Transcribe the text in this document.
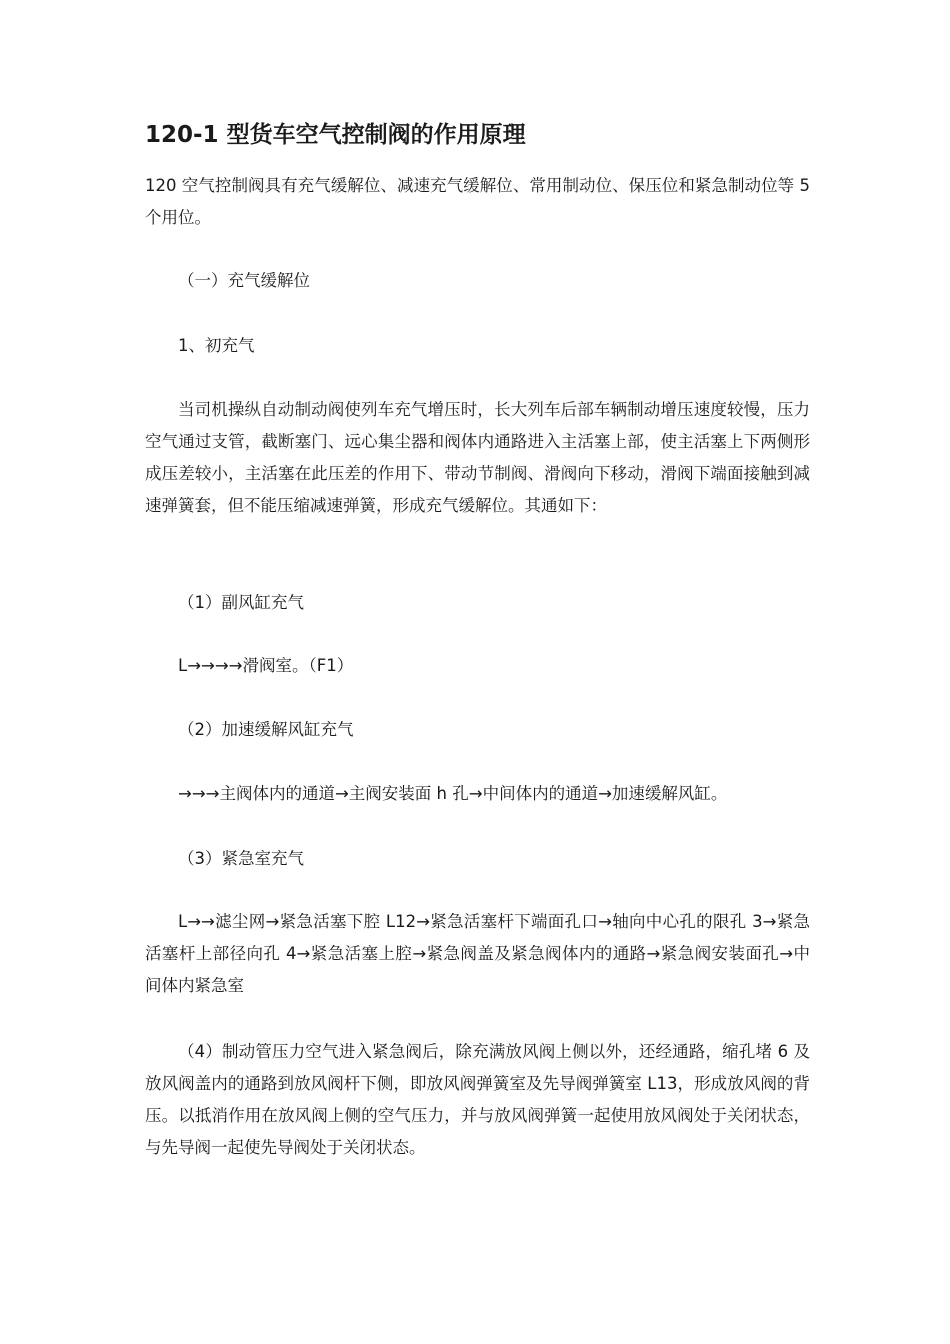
120-1 型货车空气控制阀的作用原理

120 空气控制阀具有充气缓解位、减速充气缓解位、常用制动位、保压位和紧急制动位等 5 个用位。

（一）充气缓解位

1、初充气

当司机操纵自动制动阀使列车充气增压时，长大列车后部车辆制动增压速度较慢，压力空气通过支管，截断塞门、远心集尘器和阀体内通路进入主活塞上部，使主活塞上下两侧形成压差较小，主活塞在此压差的作用下、带动节制阀、滑阀向下移动，滑阀下端面接触到减速弹簧套，但不能压缩减速弹簧，形成充气缓解位。其通如下：

（1）副风缸充气

L→→→→滑阀室。（F1）

（2）加速缓解风缸充气

→→→主阀体内的通道→主阀安装面 h 孔→中间体内的通道→加速缓解风缸。

（3）紧急室充气

L→→滤尘网→紧急活塞下腔 L12→紧急活塞杆下端面孔口→轴向中心孔的限孔 3→紧急活塞杆上部径向孔 4→紧急活塞上腔→紧急阀盖及紧急阀体内的通路→紧急阀安装面孔→中间体内紧急室

（4）制动管压力空气进入紧急阀后，除充满放风阀上侧以外，还经通路，缩孔堵 6 及放风阀盖内的通路到放风阀杆下侧，即放风阀弹簧室及先导阀弹簧室 L13，形成放风阀的背压。以抵消作用在放风阀上侧的空气压力，并与放风阀弹簧一起使用放风阀处于关闭状态，与先导阀一起使先导阀处于关闭状态。
